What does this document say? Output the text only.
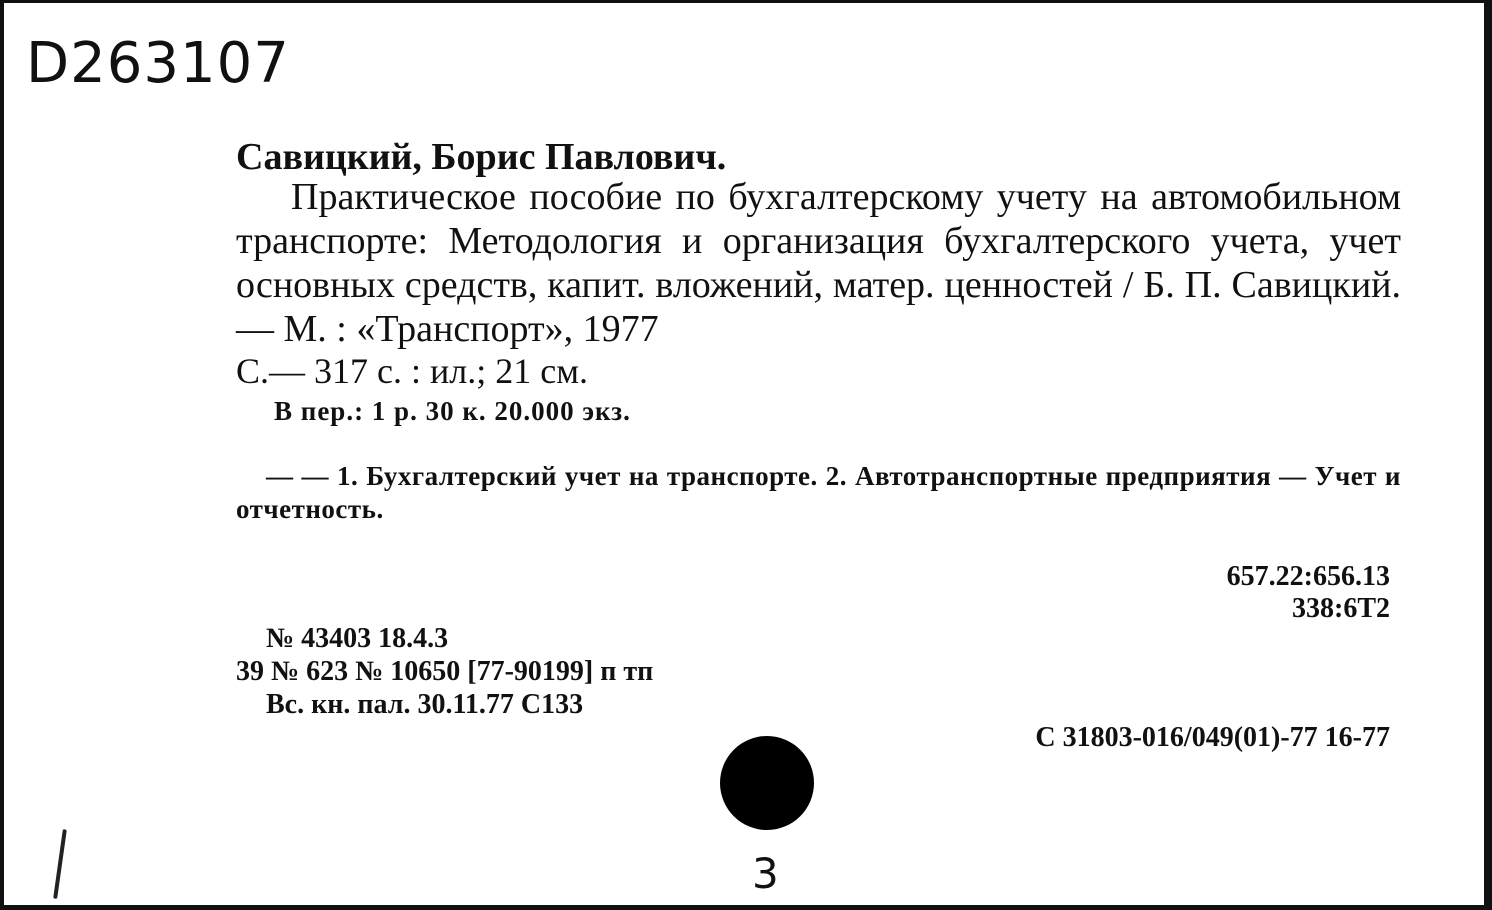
D263107
Савицкий, Борис Павлович.
Практическое пособие по бухгалтерскому учету на автомобильном транспорте: Методология и организация бухгалтерского учета, учет основных средств, капит. вложений, матер. ценностей / Б. П. Савицкий.— М. : «Транспорт», 1977
С.— 317 с. : ил.; 21 см.
В пер.: 1 р. 30 к. 20.000 экз.
— — 1. Бухгалтерский учет на транспорте. 2. Автотранспортные предприятия — Учет и отчетность.
657.22:656.13
338:6Т2
№ 43403 18.4.3
39 № 623 № 10650 [77-90199] п тп
Вс. кн. пал. 30.11.77 С133
С 31803-016/049(01)-77 16-77
3
